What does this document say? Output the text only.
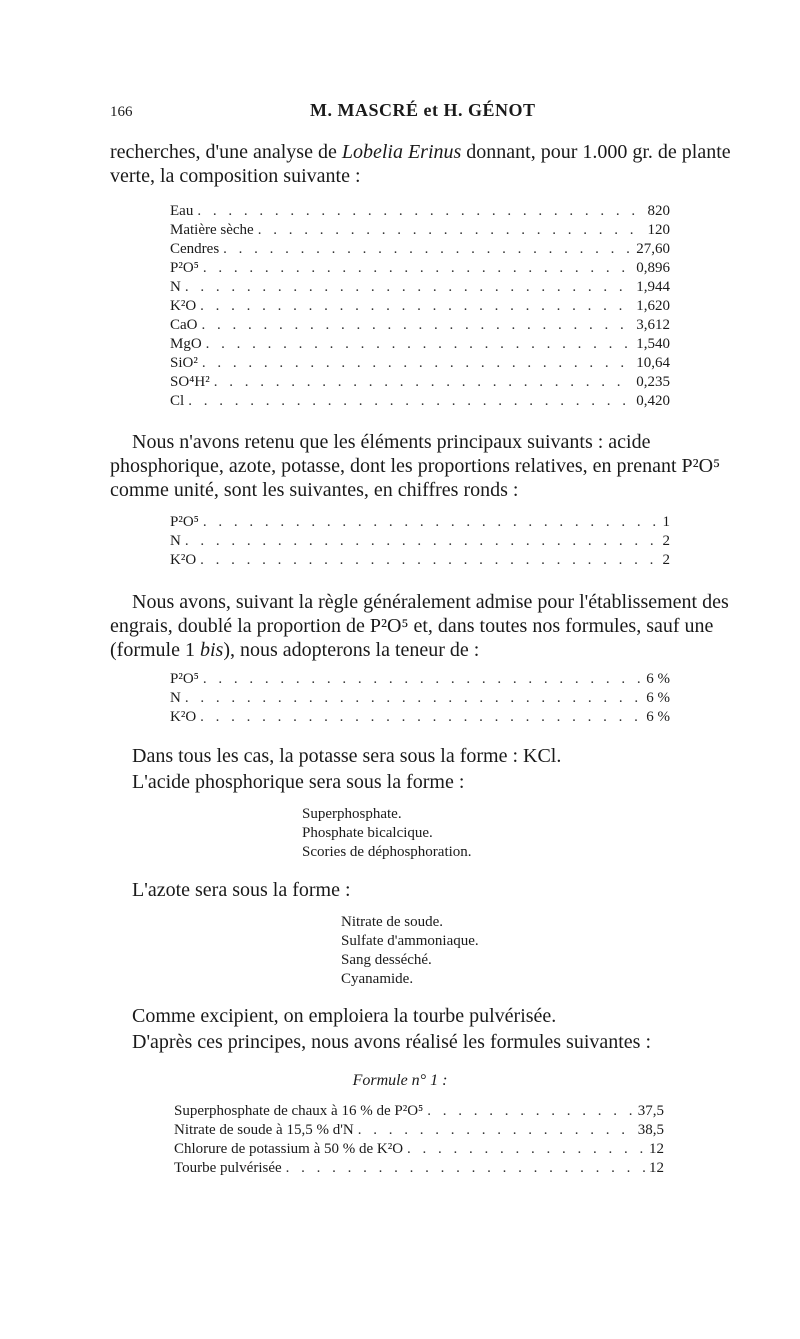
166	M. MASCRÉ et H. GÉNOT

recherches, d'une analyse de Lobelia Erinus donnant, pour 1.000 gr. de plante verte, la composition suivante :

Eau . . .	820
Matière sèche . . .	120
Cendres . . .	27,60
P²O⁵ . . .	0,896
N . . .	1,944
K²O . . .	1,620
CaO . . .	3,612
MgO . . .	1,540
SiO² . . .	10,64
SO⁴H² . . .	0,235
Cl . . .	0,420

Nous n'avons retenu que les éléments principaux suivants : acide phosphorique, azote, potasse, dont les proportions relatives, en prenant P²O⁵ comme unité, sont les suivantes, en chiffres ronds :

P²O⁵ . . .	1
N . . .	2
K²O . . .	2

Nous avons, suivant la règle généralement admise pour l'établissement des engrais, doublé la proportion de P²O⁵ et, dans toutes nos formules, sauf une (formule 1 bis), nous adopterons la teneur de :

P²O⁵ . . .	6 %
N . . .	6 %
K²O . . .	6 %

Dans tous les cas, la potasse sera sous la forme : KCl.

L'acide phosphorique sera sous la forme :

Superphosphate.
Phosphate bicalcique.
Scories de déphosphoration.

L'azote sera sous la forme :

Nitrate de soude.
Sulfate d'ammoniaque.
Sang desséché.
Cyanamide.

Comme excipient, on emploiera la tourbe pulvérisée.

D'après ces principes, nous avons réalisé les formules suivantes :

Formule n° 1 :
Superphosphate de chaux à 16 % de P²O⁵ . . .	37,5
Nitrate de soude à 15,5 % d'N . . .	38,5
Chlorure de potassium à 50 % de K²O . . .	12
Tourbe pulvérisée . . .	12
